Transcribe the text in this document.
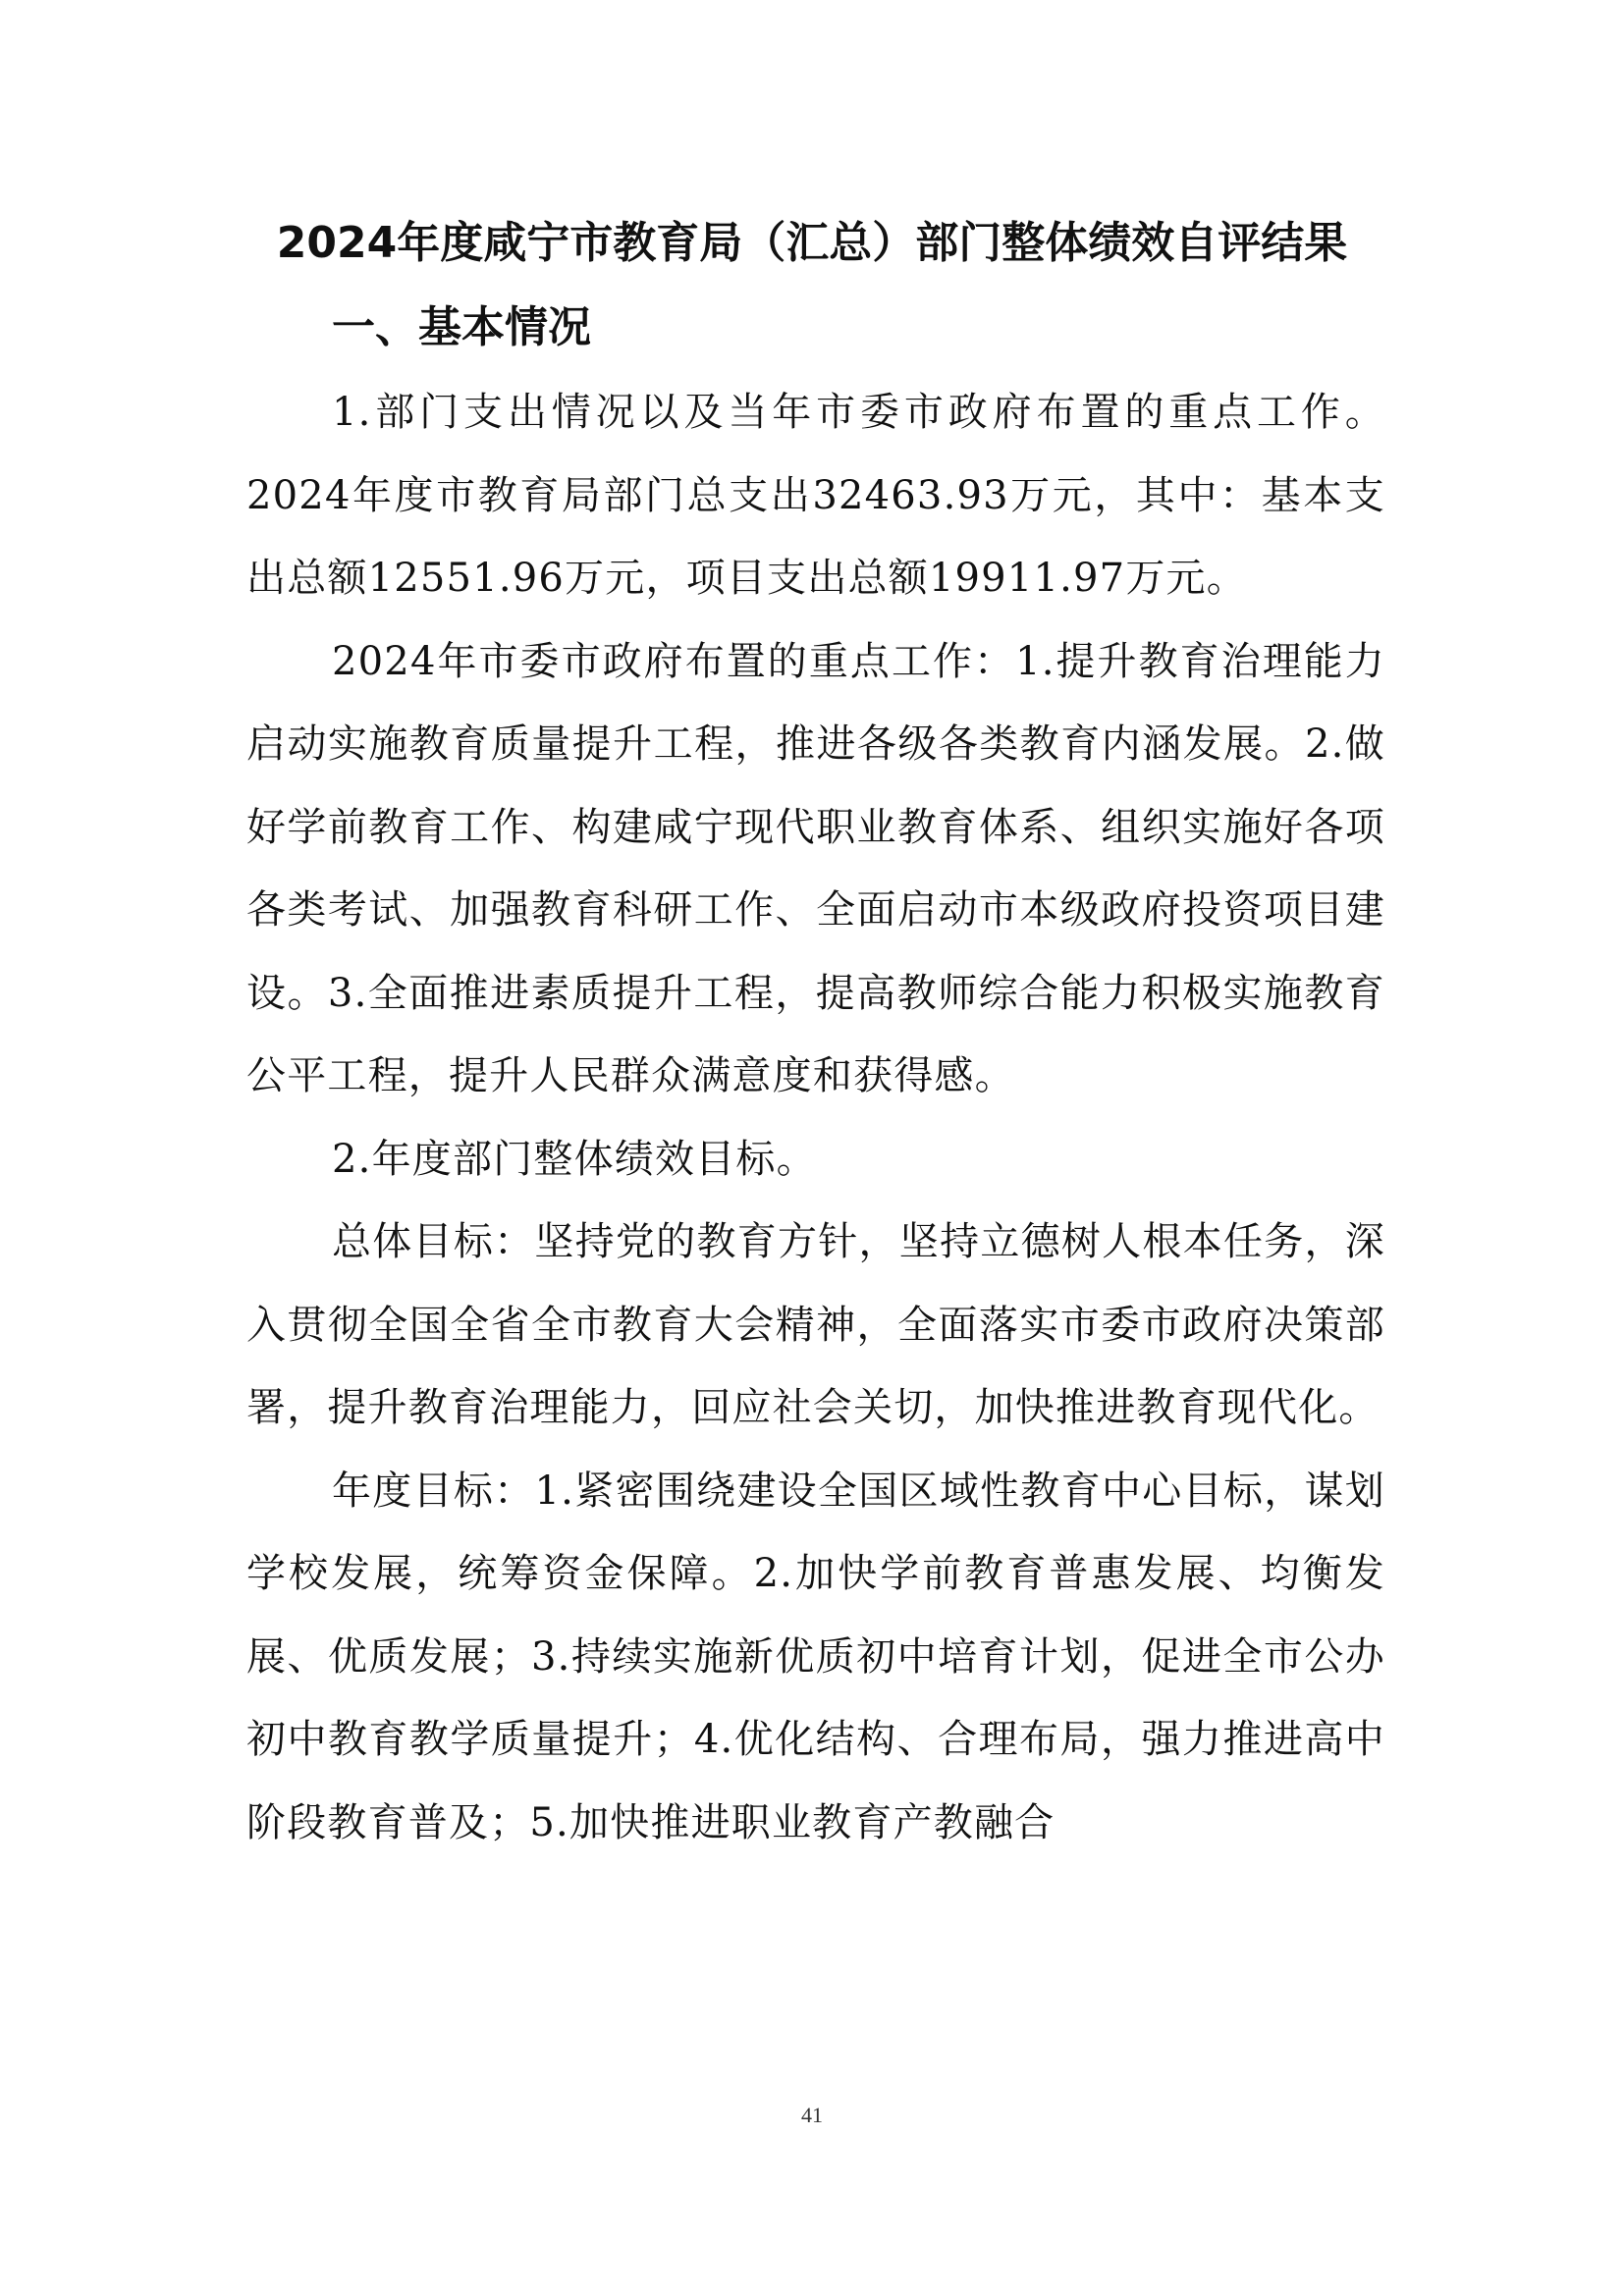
2024年度咸宁市教育局（汇总）部门整体绩效自评结果
一、基本情况

1.部门支出情况以及当年市委市政府布置的重点工作。2024年度市教育局部门总支出32463.93万元，其中：基本支出总额12551.96万元，项目支出总额19911.97万元。

2024年市委市政府布置的重点工作：1.提升教育治理能力启动实施教育质量提升工程，推进各级各类教育内涵发展。2.做好学前教育工作、构建咸宁现代职业教育体系、组织实施好各项各类考试、加强教育科研工作、全面启动市本级政府投资项目建设。3.全面推进素质提升工程，提高教师综合能力积极实施教育公平工程，提升人民群众满意度和获得感。

2.年度部门整体绩效目标。

总体目标：坚持党的教育方针，坚持立德树人根本任务，深入贯彻全国全省全市教育大会精神，全面落实市委市政府决策部署，提升教育治理能力，回应社会关切，加快推进教育现代化。

年度目标：1.紧密围绕建设全国区域性教育中心目标，谋划学校发展，统筹资金保障。2.加快学前教育普惠发展、均衡发展、优质发展；3.持续实施新优质初中培育计划，促进全市公办初中教育教学质量提升；4.优化结构、合理布局，强力推进高中阶段教育普及；5.加快推进职业教育产教融合

41
